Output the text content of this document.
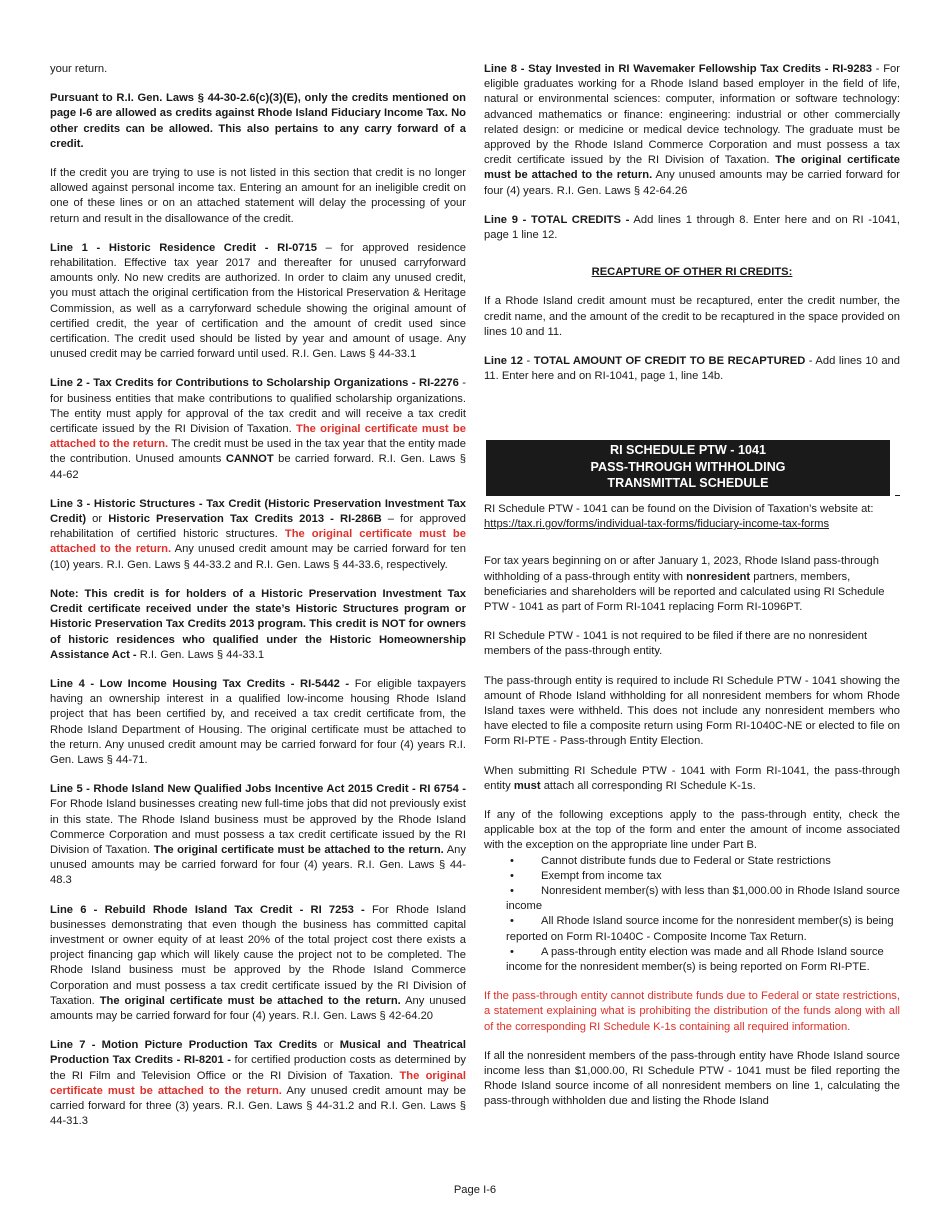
your return.

Pursuant to R.I. Gen. Laws § 44-30-2.6(c)(3)(E), only the credits mentioned on page I-6 are allowed as credits against Rhode Island Fiduciary Income Tax. No other credits can be allowed. This also pertains to any carry forward of a credit.

If the credit you are trying to use is not listed in this section that credit is no longer allowed against personal income tax. Entering an amount for an ineligible credit on one of these lines or on an attached statement will delay the processing of your return and result in the disallowance of the credit.

Line 1 - Historic Residence Credit - RI-0715 – for approved residence rehabilitation. Effective tax year 2017 and thereafter for unused carryforward amounts only. No new credits are authorized. In order to claim any unused credit, you must attach the original certification from the Historical Preservation & Heritage Commission, as well as a carryforward schedule showing the original amount of certified credit, the year of certification and the amount of credit used since certification. The credit used should be listed by year and amount of usage. Any unused credit may be carried forward until used. R.I. Gen. Laws § 44-33.1

Line 2 - Tax Credits for Contributions to Scholarship Organizations - RI-2276 - for business entities that make contributions to qualified scholarship organizations. The entity must apply for approval of the tax credit and will receive a tax credit certificate issued by the RI Division of Taxation. The original certificate must be attached to the return. The credit must be used in the tax year that the entity made the contribution. Unused amounts CANNOT be carried forward. R.I. Gen. Laws § 44-62

Line 3 - Historic Structures - Tax Credit (Historic Preservation Investment Tax Credit) or Historic Preservation Tax Credits 2013 - RI-286B – for approved rehabilitation of certified historic structures. The original certificate must be attached to the return. Any unused credit amount may be carried forward for ten (10) years. R.I. Gen. Laws § 44-33.2 and R.I. Gen. Laws § 44-33.6, respectively.

Note: This credit is for holders of a Historic Preservation Investment Tax Credit certificate received under the state’s Historic Structures program or Historic Preservation Tax Credits 2013 program. This credit is NOT for owners of historic residences who qualified under the Historic Homeownership Assistance Act - R.I. Gen. Laws § 44-33.1

Line 4 - Low Income Housing Tax Credits - RI-5442 - For eligible taxpayers having an ownership interest in a qualified low-income housing Rhode Island project that has been certified by, and received a tax credit certificate from, the Rhode Island Department of Housing. The original certificate must be attached to the return. Any unused credit amount may be carried forward for four (4) years R.I. Gen. Laws § 44-71.

Line 5 - Rhode Island New Qualified Jobs Incentive Act 2015 Credit - RI 6754 - For Rhode Island businesses creating new full-time jobs that did not previously exist in this state. The Rhode Island business must be approved by the Rhode Island Commerce Corporation and must possess a tax credit certificate issued by the RI Division of Taxation. The original certificate must be attached to the return. Any unused amounts may be carried forward for four (4) years. R.I. Gen. Laws § 44-48.3

Line 6 - Rebuild Rhode Island Tax Credit - RI 7253 - For Rhode Island businesses demonstrating that even though the business has committed capital investment or owner equity of at least 20% of the total project cost there exists a project financing gap which will likely cause the project not to be completed. The Rhode Island business must be approved by the Rhode Island Commerce Corporation and must possess a tax credit certificate issued by the RI Division of Taxation. The original certificate must be attached to the return. Any unused amounts may be carried forward for four (4) years. R.I. Gen. Laws § 42-64.20

Line 7 - Motion Picture Production Tax Credits or Musical and Theatrical Production Tax Credits - RI-8201 - for certified production costs as determined by the RI Film and Television Office or the RI Division of Taxation. The original certificate must be attached to the return. Any unused credit amount may be carried forward for three (3) years. R.I. Gen. Laws § 44-31.2 and R.I. Gen. Laws § 44-31.3

Line 8 - Stay Invested in RI Wavemaker Fellowship Tax Credits - RI-9283 - For eligible graduates working for a Rhode Island based employer in the field of life, natural or environmental sciences: computer, information or software technology: advanced mathematics or finance: engineering: industrial or other commercially related design: or medicine or medical device technology. The graduate must be approved by the Rhode Island Commerce Corporation and must possess a tax credit certificate issued by the RI Division of Taxation. The original certificate must be attached to the return. Any unused amounts may be carried forward for four (4) years. R.I. Gen. Laws § 42-64.26

Line 9 - TOTAL CREDITS - Add lines 1 through 8. Enter here and on RI -1041, page 1 line 12.

RECAPTURE OF OTHER RI CREDITS:

If a Rhode Island credit amount must be recaptured, enter the credit number, the credit name, and the amount of the credit to be recaptured in the space provided on lines 10 and 11.

Line 12 - TOTAL AMOUNT OF CREDIT TO BE RECAPTURED - Add lines 10 and 11. Enter here and on RI-1041, page 1, line 14b.

RI SCHEDULE PTW - 1041
PASS-THROUGH WITHHOLDING
TRANSMITTAL SCHEDULE

RI Schedule PTW - 1041 can be found on the Division of Taxation’s website at:
https://tax.ri.gov/forms/individual-tax-forms/fiduciary-income-tax-forms

For tax years beginning on or after January 1, 2023, Rhode Island pass-through withholding of a pass-through entity with nonresident partners, members, beneficiaries and shareholders will be reported and calculated using RI Schedule PTW - 1041 as part of Form RI-1041 replacing Form RI-1096PT.

RI Schedule PTW - 1041 is not required to be filed if there are no nonresident members of the pass-through entity.

The pass-through entity is required to include RI Schedule PTW - 1041 showing the amount of Rhode Island withholding for all nonresident members for whom Rhode Island taxes were withheld. This does not include any nonresident members who have elected to file a composite return using Form RI-1040C-NE or elected to file on Form RI-PTE - Pass-through Entity Election.

When submitting RI Schedule PTW - 1041 with Form RI-1041, the pass-through entity must attach all corresponding RI Schedule K-1s.

If any of the following exceptions apply to the pass-through entity, check the applicable box at the top of the form and enter the amount of income associated with the exception on the appropriate line under Part B.

• Cannot distribute funds due to Federal or State restrictions
• Exempt from income tax
• Nonresident member(s) with less than $1,000.00 in Rhode Island source income
• All Rhode Island source income for the nonresident member(s) is being reported on Form RI-1040C - Composite Income Tax Return.
• A pass-through entity election was made and all Rhode Island source income for the nonresident member(s) is being reported on Form RI-PTE.

If the pass-through entity cannot distribute funds due to Federal or state restrictions, a statement explaining what is prohibiting the distribution of the funds along with all of the corresponding RI Schedule K-1s containing all required information.

If all the nonresident members of the pass-through entity have Rhode Island source income less than $1,000.00, RI Schedule PTW - 1041 must be filed reporting the Rhode Island source income of all nonresident members on line 1, calculating the pass-through withholden due and listing the Rhode Island

Page I-6
